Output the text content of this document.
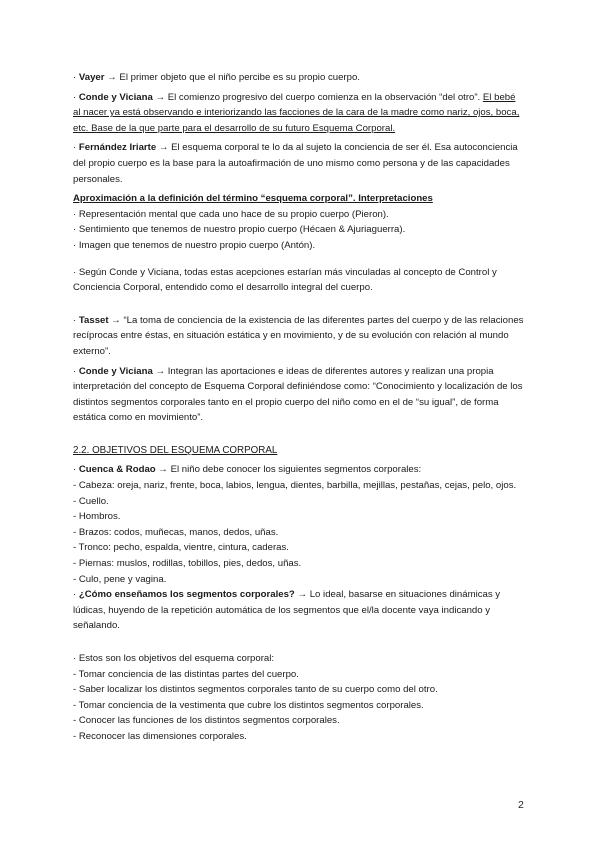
· Vayer → El primer objeto que el niño percibe es su propio cuerpo.

· Conde y Viciana → El comienzo progresivo del cuerpo comienza en la observación “del otro”. El bebé al nacer ya está observando e interiorizando las facciones de la cara de la madre como nariz, ojos, boca, etc. Base de la que parte para el desarrollo de su futuro Esquema Corporal.

· Fernández Iriarte → El esquema corporal te lo da al sujeto la conciencia de ser él. Esa autoconciencia del propio cuerpo es la base para la autoafirmación de uno mismo como persona y de las capacidades personales.

Aproximación a la definición del término “esquema corporal”. Interpretaciones

· Representación mental que cada uno hace de su propio cuerpo (Pieron).

· Sentimiento que tenemos de nuestro propio cuerpo (Hécaen & Ajuriaguerra).

· Imagen que tenemos de nuestro propio cuerpo (Antón).

· Según Conde y Viciana, todas estas acepciones estarían más vinculadas al concepto de Control y Conciencia Corporal, entendido como el desarrollo integral del cuerpo.

· Tasset → “La toma de conciencia de la existencia de las diferentes partes del cuerpo y de las relaciones recíprocas entre éstas, en situación estática y en movimiento, y de su evolución con relación al mundo externo”.

· Conde y Viciana → Integran las aportaciones e ideas de diferentes autores y realizan una propia interpretación del concepto de Esquema Corporal definiéndose como: “Conocimiento y localización de los distintos segmentos corporales tanto en el propio cuerpo del niño como en el de “su igual”, de forma estática como en movimiento”.

2.2. OBJETIVOS DEL ESQUEMA CORPORAL

· Cuenca & Rodao → El niño debe conocer los siguientes segmentos corporales:

- Cabeza: oreja, nariz, frente, boca, labios, lengua, dientes, barbilla, mejillas, pestañas, cejas, pelo, ojos.

- Cuello.

- Hombros.

- Brazos: codos, muñecas, manos, dedos, uñas.

- Tronco: pecho, espalda, vientre, cintura, caderas.

- Piernas: muslos, rodillas, tobillos, pies, dedos, uñas.

- Culo, pene y vagina.

· ¿Cómo enseñamos los segmentos corporales? → Lo ideal, basarse en situaciones dinámicas y lúdicas, huyendo de la repetición automática de los segmentos que el/la docente vaya indicando y señalando.

· Estos son los objetivos del esquema corporal:

- Tomar conciencia de las distintas partes del cuerpo.

- Saber localizar los distintos segmentos corporales tanto de su cuerpo como del otro.

- Tomar conciencia de la vestimenta que cubre los distintos segmentos corporales.

- Conocer las funciones de los distintos segmentos corporales.

- Reconocer las dimensiones corporales.

2
